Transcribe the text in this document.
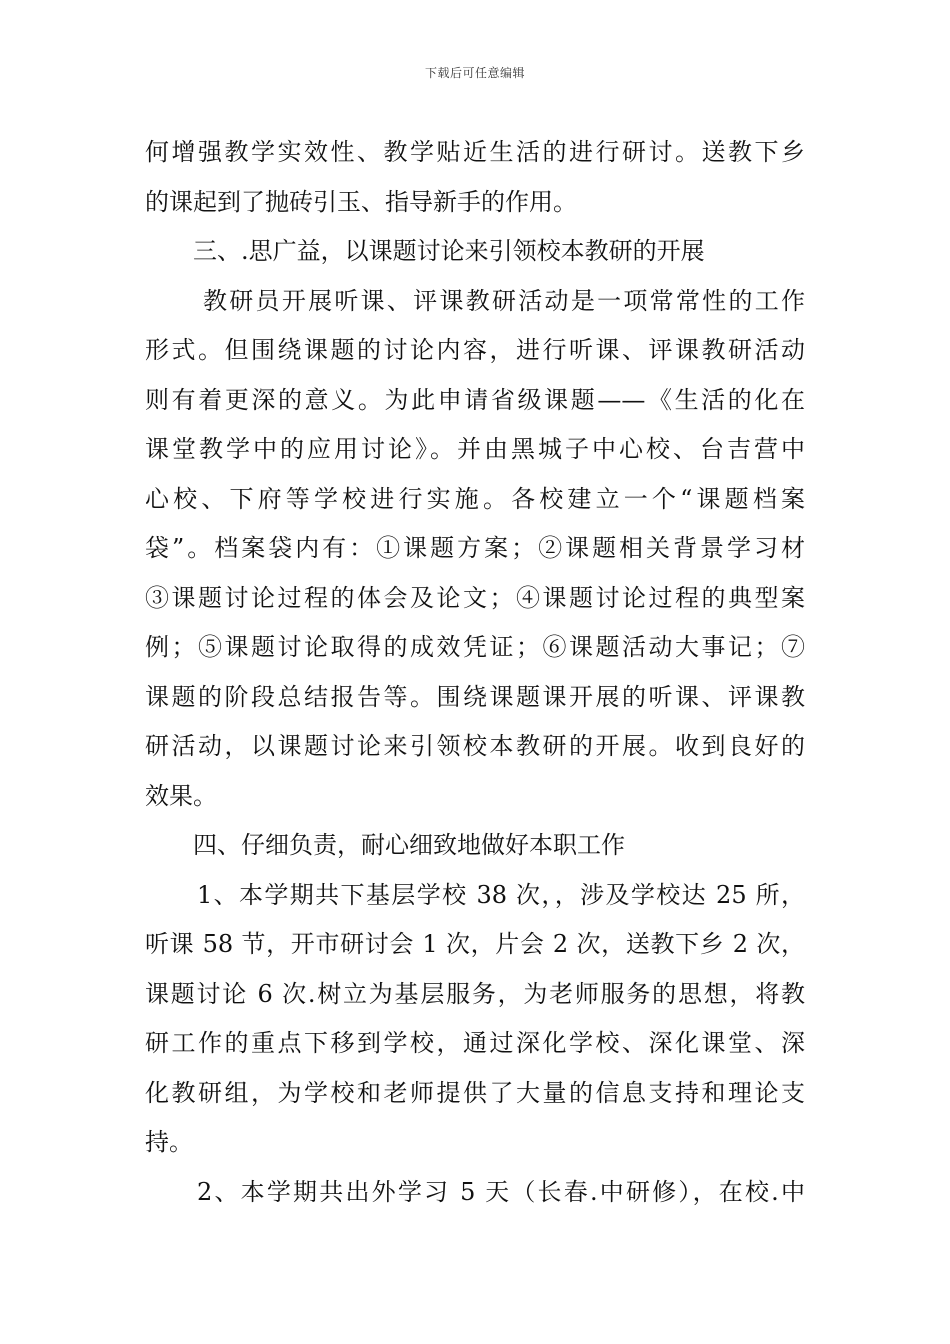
下载后可任意编辑
何增强教学实效性、教学贴近生活的进行研讨。送教下乡
的课起到了抛砖引玉、指导新手的作用。
三、.思广益，以课题讨论来引领校本教研的开展
教研员开展听课、评课教研活动是一项常常性的工作
形式。但围绕课题的讨论内容，进行听课、评课教研活动
则有着更深的意义。为此申请省级课题——《生活的化在
课堂教学中的应用讨论》。并由黑城子中心校、台吉营中
心校、下府等学校进行实施。各校建立一个“课题档案
袋”。档案袋内有：①课题方案；②课题相关背景学习材
③课题讨论过程的体会及论文；④课题讨论过程的典型案
例；⑤课题讨论取得的成效凭证；⑥课题活动大事记；⑦
课题的阶段总结报告等。围绕课题课开展的听课、评课教
研活动，以课题讨论来引领校本教研的开展。收到良好的
效果。
四、仔细负责，耐心细致地做好本职工作
1、本学期共下基层学校 38 次，，涉及学校达 25 所，
听课 58 节，开市研讨会 1 次，片会 2 次，送教下乡 2 次，
课题讨论 6 次.树立为基层服务，为老师服务的思想，将教
研工作的重点下移到学校，通过深化学校、深化课堂、深
化教研组，为学校和老师提供了大量的信息支持和理论支
持。
2、本学期共出外学习 5 天（长春.中研修），在校.中
